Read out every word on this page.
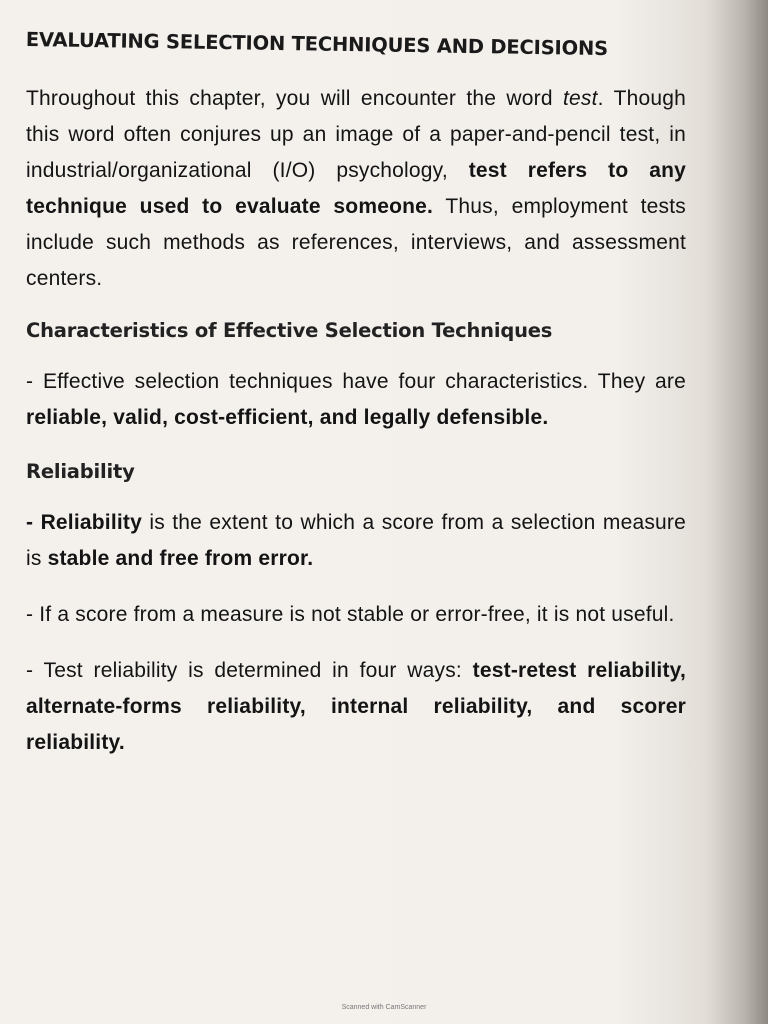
EVALUATING SELECTION TECHNIQUES AND DECISIONS

Throughout this chapter, you will encounter the word test. Though this word often conjures up an image of a paper-and-pencil test, in industrial/organizational (I/O) psychology, test refers to any technique used to evaluate someone. Thus, employment tests include such methods as references, interviews, and assessment centers.

Characteristics of Effective Selection Techniques

- Effective selection techniques have four characteristics. They are reliable, valid, cost-efficient, and legally defensible.

Reliability

- Reliability is the extent to which a score from a selection measure is stable and free from error.

- If a score from a measure is not stable or error-free, it is not useful.

- Test reliability is determined in four ways: test-retest reliability, alternate-forms reliability, internal reliability, and scorer reliability.

Scanned with CamScanner
